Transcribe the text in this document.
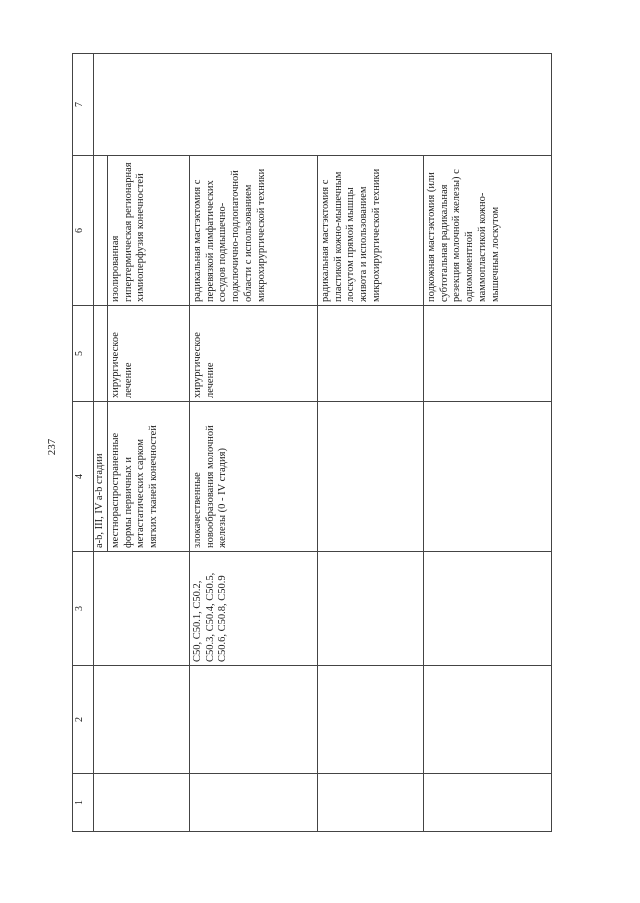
237
1	2	3	4	5	6	7
			a-b, III, IV a-b стадии			
			местнораспространенные формы первичных и метастатических сарком мягких тканей конечностей	хирургическое лечение	изолированная гипертермическая регионарная химиоперфузия конечностей	
		C50, C50.1, C50.2, C50.3, C50.4, C50.5, C50.6, C50.8, C50.9	злокачественные новообразования молочной железы (0 - IV стадия)	хирургическое лечение	радикальная мастэктомия с перевязкой лимфатических сосудов подмышечно-подключично-подлопаточной области с использованием микрохирургической техники	
					радикальная мастэктомия с пластикой кожно-мышечным лоскутом прямой мышцы живота и использованием микрохирургической техники	
					подкожная мастэктомия (или субтотальная радикальная резекция молочной железы) с одномоментной маммопластикой кожно-мышечным лоскутом	
